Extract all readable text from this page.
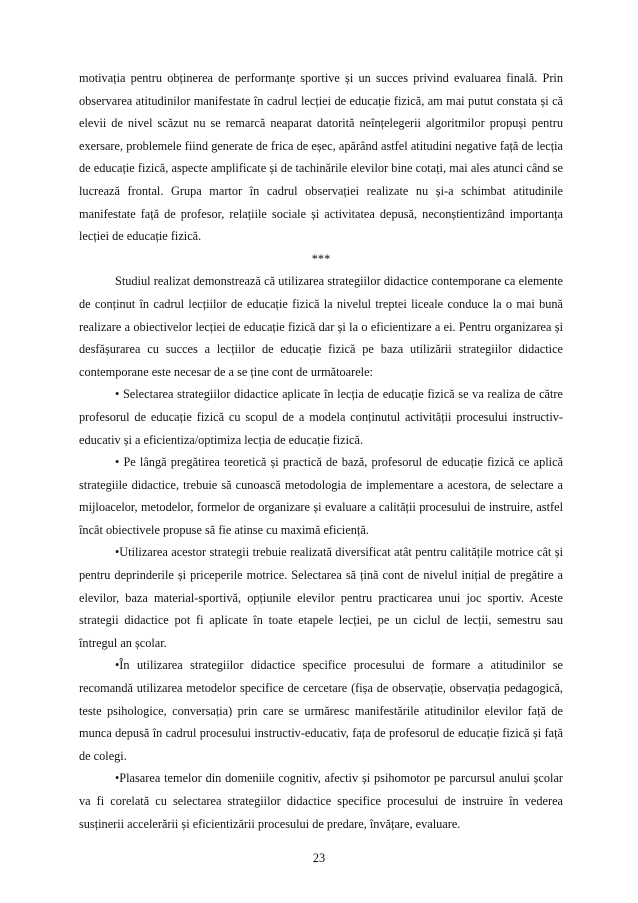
motivația pentru obținerea de performanțe sportive și un succes privind evaluarea finală. Prin observarea atitudinilor manifestate în cadrul lecției de educație fizică, am mai putut constata și că elevii de nivel scăzut nu se remarcă neaparat datorită neînțelegerii algoritmilor propuși pentru exersare, problemele fiind generate de frica de eșec, apărând astfel atitudini negative față de lecția de educație fizică, aspecte amplificate și de tachinările elevilor bine cotați, mai ales atunci când se lucrează frontal. Grupa martor în cadrul observației realizate nu și-a schimbat atitudinile manifestate față de profesor, relațiile sociale și activitatea depusă, neconștientizând importanța lecției de educație fizică.

***

Studiul realizat demonstrează că utilizarea strategiilor didactice contemporane ca elemente de conținut în cadrul lecțiilor de educație fizică la nivelul treptei liceale conduce la o mai bună realizare a obiectivelor lecției de educație fizică dar și la o eficientizare a ei. Pentru organizarea și desfășurarea cu succes a lecțiilor de educație fizică pe baza utilizării strategiilor didactice contemporane este necesar de a se ține cont de următoarele:

• Selectarea strategiilor didactice aplicate în lecția de educație fizică se va realiza de către profesorul de educație fizică cu scopul de a modela conținutul activității procesului instructiv-educativ și a eficientiza/optimiza lecția de educație fizică.

• Pe lângă pregătirea teoretică și practică de bază, profesorul de educație fizică ce aplică strategiile didactice, trebuie să cunoască metodologia de implementare a acestora, de selectare a mijloacelor, metodelor, formelor de organizare și evaluare a calității procesului de instruire, astfel încât obiectivele propuse să fie atinse cu maximă eficiență.

•Utilizarea acestor strategii trebuie realizată diversificat atât pentru calitățile motrice cât și pentru deprinderile și priceperile motrice. Selectarea să țină cont de nivelul inițial de pregătire a elevilor, baza material-sportivă, opțiunile elevilor pentru practicarea unui joc sportiv. Aceste strategii didactice pot fi aplicate în toate etapele lecției, pe un ciclul de lecții, semestru sau întregul an școlar.

•În utilizarea strategiilor didactice specifice procesului de formare a atitudinilor se recomandă utilizarea metodelor specifice de cercetare (fișa de observație, observația pedagogică, teste psihologice, conversația) prin care se urmăresc manifestările atitudinilor elevilor față de munca depusă în cadrul procesului instructiv-educativ, fața de profesorul de educație fizică și față de colegi.

•Plasarea temelor din domeniile cognitiv, afectiv și psihomotor pe parcursul anului școlar va fi corelată cu selectarea strategiilor didactice specifice procesului de instruire în vederea susținerii accelerării și eficientizării procesului de predare, învățare, evaluare.

23
